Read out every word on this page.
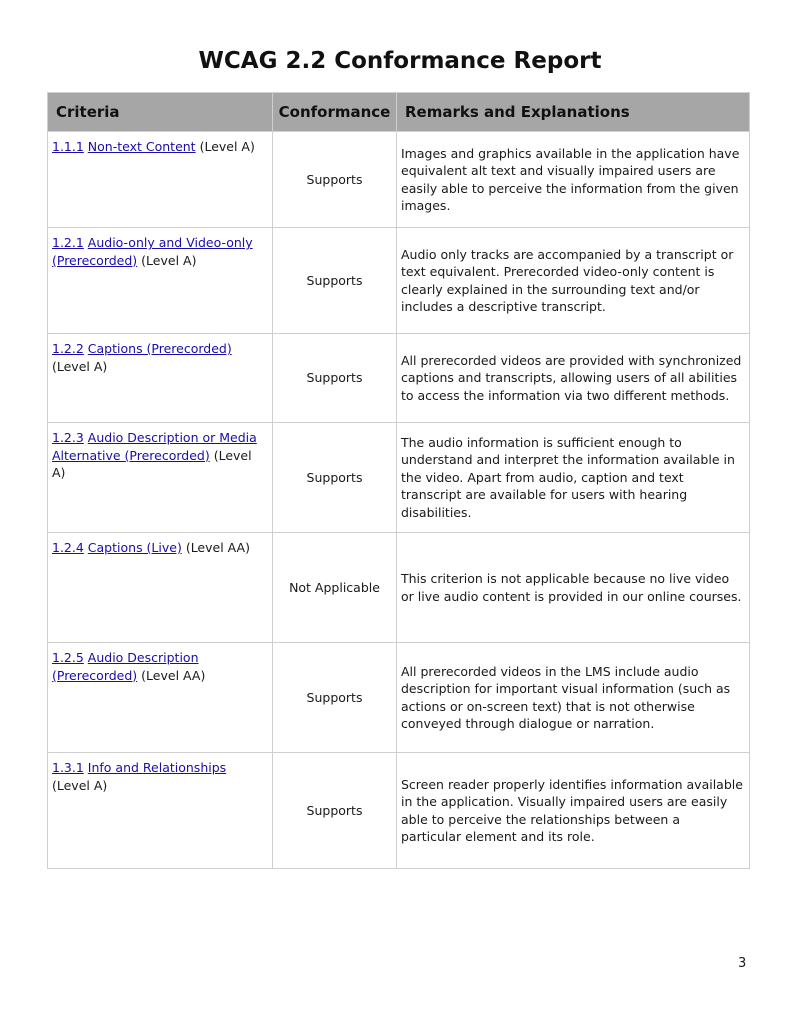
WCAG 2.2 Conformance Report
Criteria	Conformance	Remarks and Explanations
1.1.1 Non-text Content (Level A)	Supports	Images and graphics available in the application have equivalent alt text and visually impaired users are easily able to perceive the information from the given images.
1.2.1 Audio-only and Video-only (Prerecorded) (Level A)	Supports	Audio only tracks are accompanied by a transcript or text equivalent. Prerecorded video-only content is clearly explained in the surrounding text and/or includes a descriptive transcript.
1.2.2 Captions (Prerecorded) (Level A)	Supports	All prerecorded videos are provided with synchronized captions and transcripts, allowing users of all abilities to access the information via two different methods.
1.2.3 Audio Description or Media Alternative (Prerecorded) (Level A)	Supports	The audio information is sufficient enough to understand and interpret the information available in the video. Apart from audio, caption and text transcript are available for users with hearing disabilities.
1.2.4 Captions (Live) (Level AA)	Not Applicable	This criterion is not applicable because no live video or live audio content is provided in our online courses.
1.2.5 Audio Description (Prerecorded) (Level AA)	Supports	All prerecorded videos in the LMS include audio description for important visual information (such as actions or on-screen text) that is not otherwise conveyed through dialogue or narration.
1.3.1 Info and Relationships (Level A)	Supports	Screen reader properly identifies information available in the application. Visually impaired users are easily able to perceive the relationships between a particular element and its role.
3
